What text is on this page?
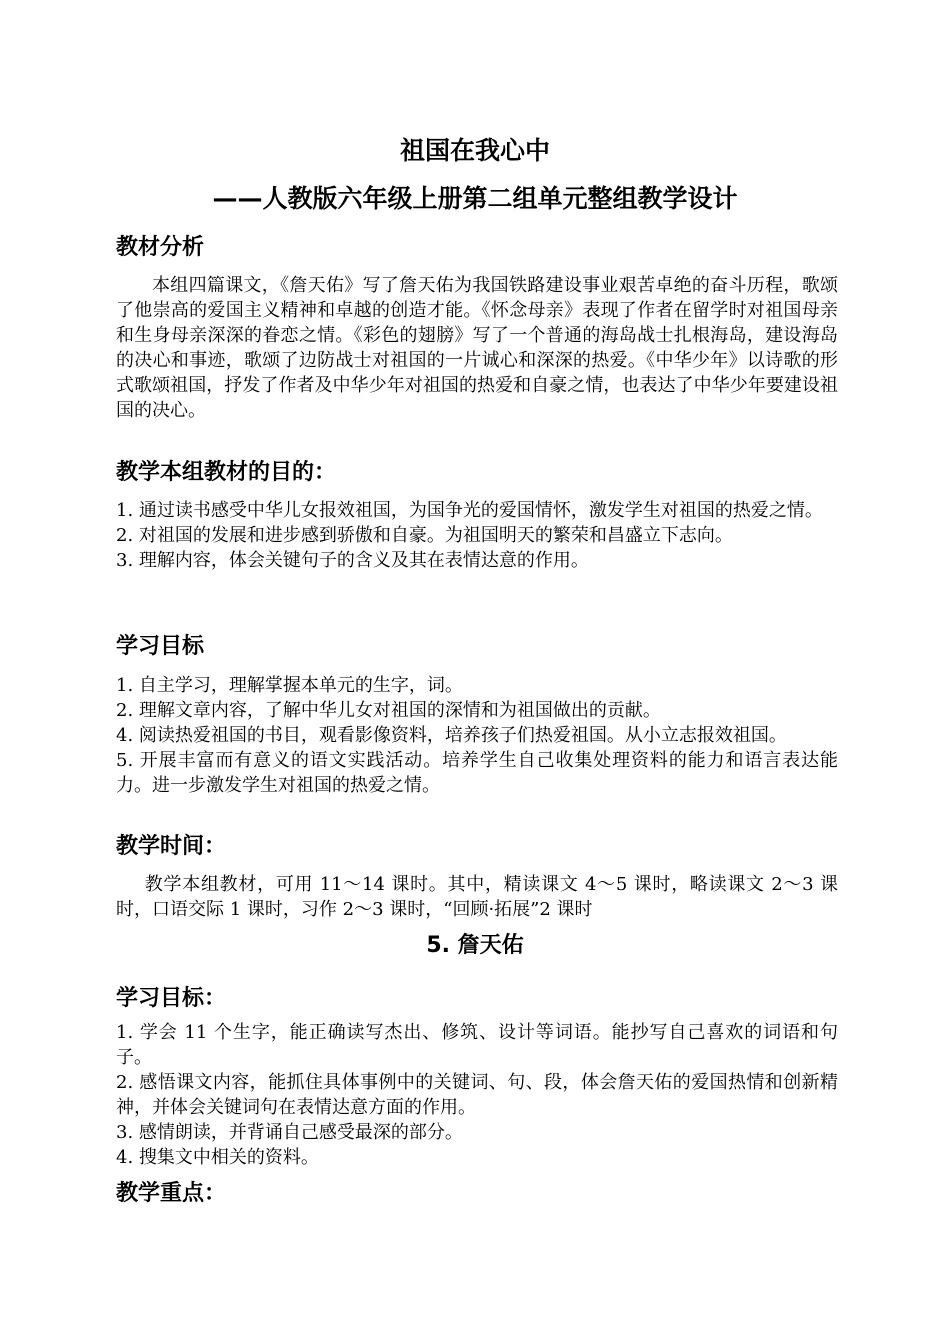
祖国在我心中
——人教版六年级上册第二组单元整组教学设计
教材分析
本组四篇课文，《詹天佑》写了詹天佑为我国铁路建设事业艰苦卓绝的奋斗历程，歌颂了他崇高的爱国主义精神和卓越的创造才能。《怀念母亲》表现了作者在留学时对祖国母亲和生身母亲深深的眷恋之情。《彩色的翅膀》写了一个普通的海岛战士扎根海岛，建设海岛的决心和事迹，歌颂了边防战士对祖国的一片诚心和深深的热爱。《中华少年》以诗歌的形式歌颂祖国，抒发了作者及中华少年对祖国的热爱和自豪之情，也表达了中华少年要建设祖国的决心。
教学本组教材的目的：
1. 通过读书感受中华儿女报效祖国，为国争光的爱国情怀，激发学生对祖国的热爱之情。
2. 对祖国的发展和进步感到骄傲和自豪。为祖国明天的繁荣和昌盛立下志向。
3. 理解内容，体会关键句子的含义及其在表情达意的作用。
学习目标
1. 自主学习，理解掌握本单元的生字，词。
2. 理解文章内容，了解中华儿女对祖国的深情和为祖国做出的贡献。
4. 阅读热爱祖国的书目，观看影像资料，培养孩子们热爱祖国。从小立志报效祖国。
5. 开展丰富而有意义的语文实践活动。培养学生自己收集处理资料的能力和语言表达能力。进一步激发学生对祖国的热爱之情。
教学时间：
教学本组教材，可用 11～14 课时。其中，精读课文 4～5 课时，略读课文 2～3 课时，口语交际 1 课时，习作 2～3 课时，“回顾·拓展”2 课时
5. 詹天佑
学习目标：
1. 学会 11 个生字，能正确读写杰出、修筑、设计等词语。能抄写自己喜欢的词语和句子。
2. 感悟课文内容，能抓住具体事例中的关键词、句、段，体会詹天佑的爱国热情和创新精神，并体会关键词句在表情达意方面的作用。
3. 感情朗读，并背诵自己感受最深的部分。
4. 搜集文中相关的资料。
教学重点：
